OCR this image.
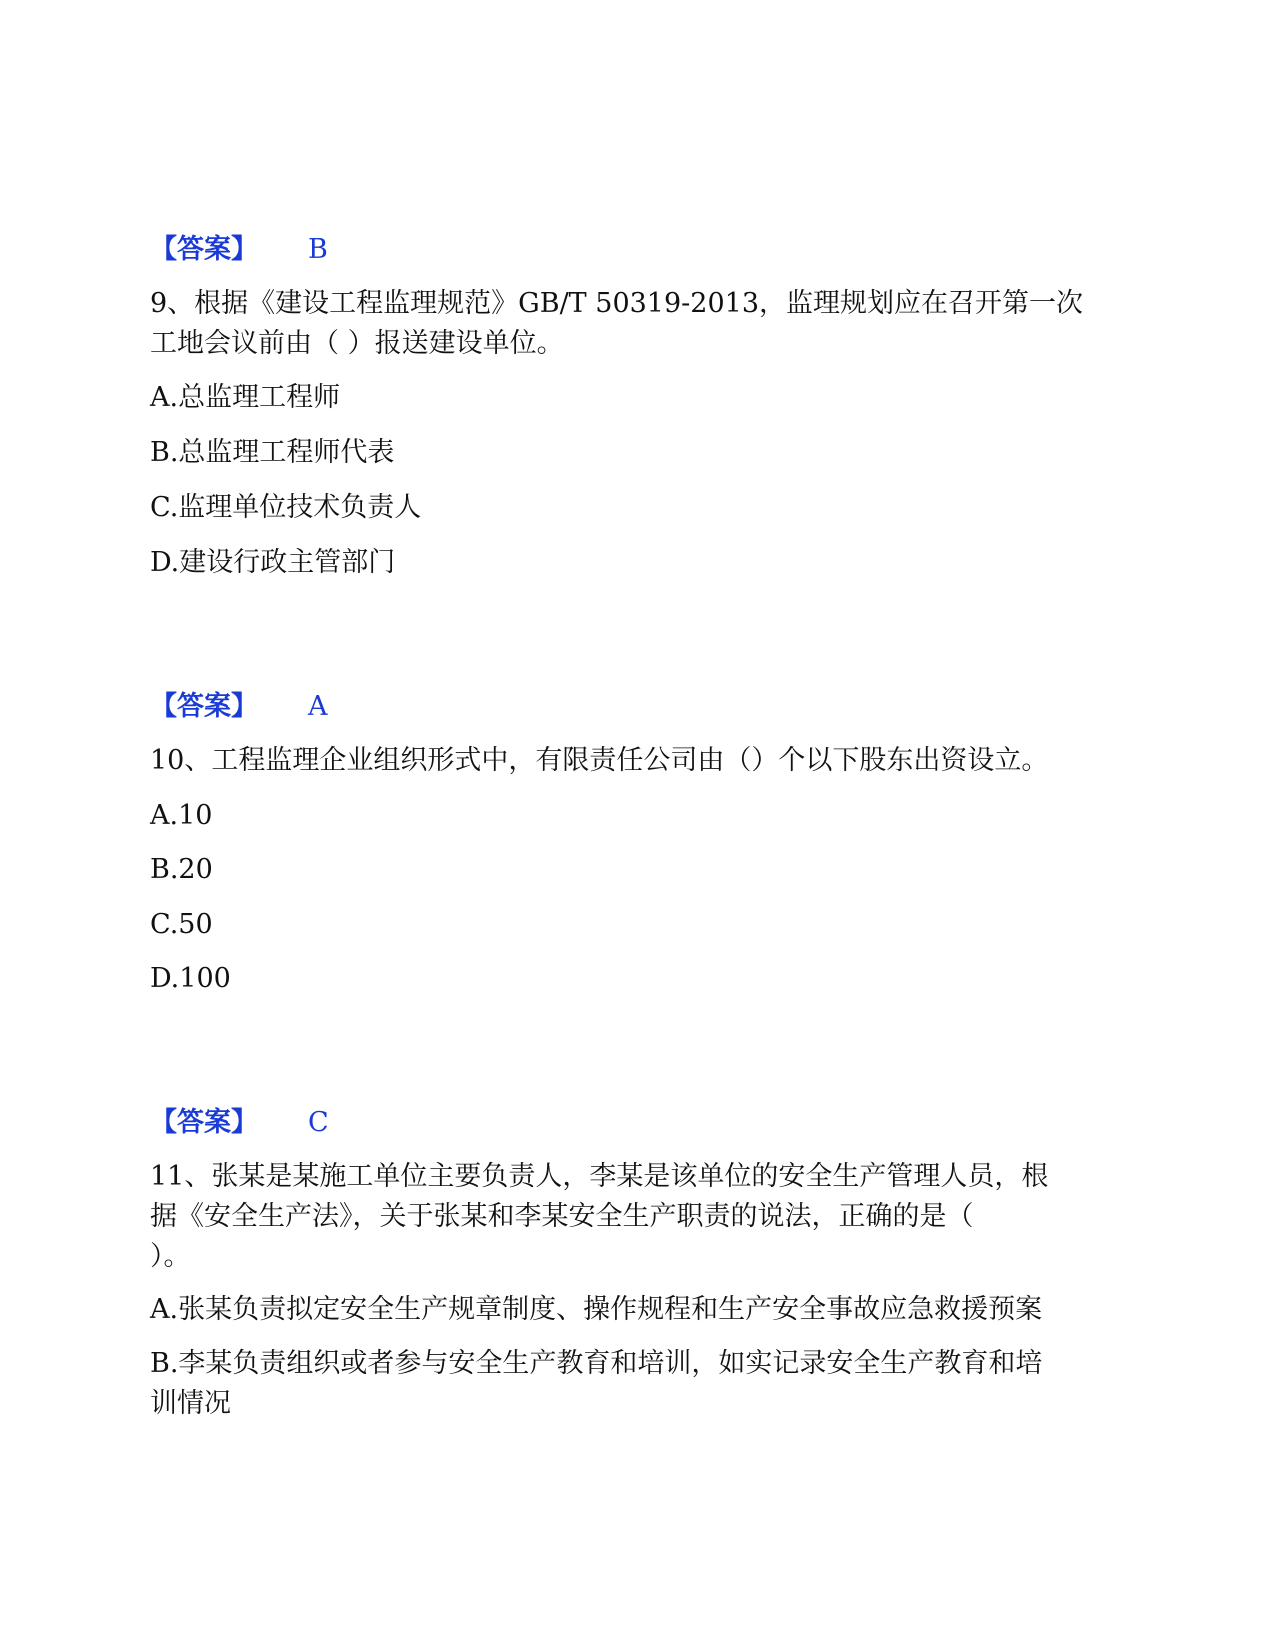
【答案】 B
9、根据《建设工程监理规范》GB/T 50319-2013，监理规划应在召开第一次
工地会议前由（ ）报送建设单位。
A.总监理工程师
B.总监理工程师代表
C.监理单位技术负责人
D.建设行政主管部门
【答案】 A
10、工程监理企业组织形式中，有限责任公司由（）个以下股东出资设立。
A.10
B.20
C.50
D.100
【答案】 C
11、张某是某施工单位主要负责人，李某是该单位的安全生产管理人员，根
据《安全生产法》，关于张某和李某安全生产职责的说法，正确的是（
）。
A.张某负责拟定安全生产规章制度、操作规程和生产安全事故应急救援预案
B.李某负责组织或者参与安全生产教育和培训，如实记录安全生产教育和培
训情况
